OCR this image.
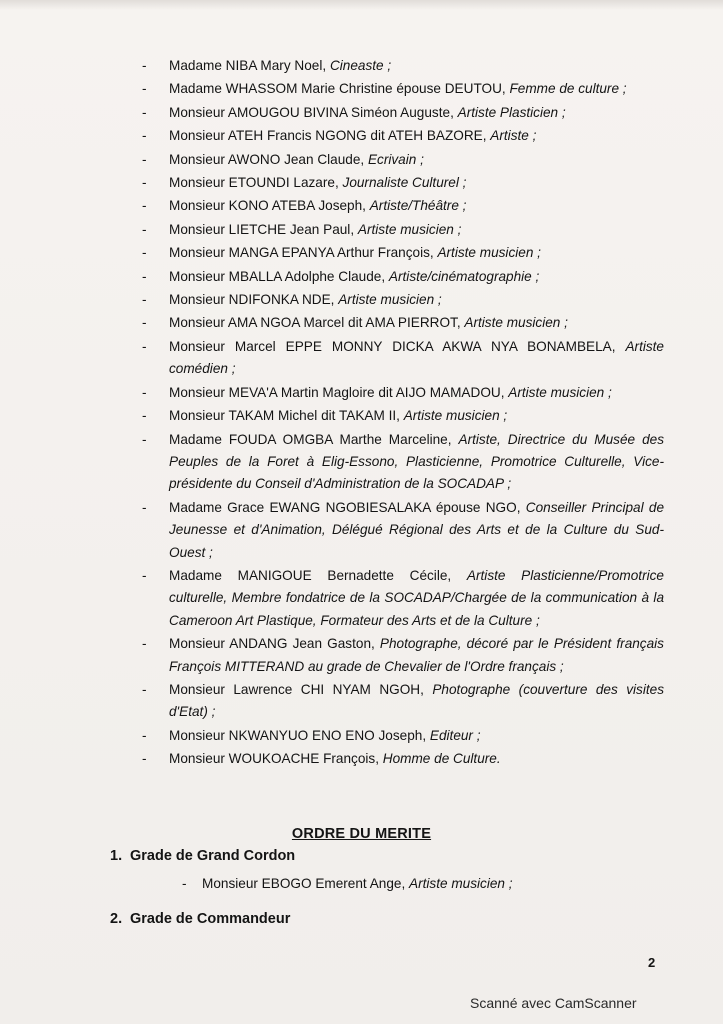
- Madame NIBA Mary Noel, Cineaste ;
- Madame WHASSOM Marie Christine épouse DEUTOU, Femme de culture ;
- Monsieur AMOUGOU BIVINA Siméon Auguste, Artiste Plasticien ;
- Monsieur ATEH Francis NGONG dit ATEH BAZORE, Artiste ;
- Monsieur AWONO Jean Claude, Ecrivain ;
- Monsieur ETOUNDI Lazare, Journaliste Culturel ;
- Monsieur KONO ATEBA Joseph, Artiste/Théâtre ;
- Monsieur LIETCHE Jean Paul, Artiste musicien ;
- Monsieur MANGA EPANYA Arthur François, Artiste musicien ;
- Monsieur MBALLA Adolphe Claude, Artiste/cinématographie ;
- Monsieur NDIFONKA NDE, Artiste musicien ;
- Monsieur AMA NGOA Marcel dit AMA PIERROT, Artiste musicien ;
- Monsieur Marcel EPPE MONNY DICKA AKWA NYA BONAMBELA, Artiste comédien ;
- Monsieur MEVA'A Martin Magloire dit AIJO MAMADOU, Artiste musicien ;
- Monsieur TAKAM Michel dit TAKAM II, Artiste musicien ;
- Madame FOUDA OMGBA Marthe Marceline, Artiste, Directrice du Musée des Peuples de la Foret à Elig-Essono, Plasticienne, Promotrice Culturelle, Vice-présidente du Conseil d'Administration de la SOCADAP ;
- Madame Grace EWANG NGOBIESALAKA épouse NGO, Conseiller Principal de Jeunesse et d'Animation, Délégué Régional des Arts et de la Culture du Sud-Ouest ;
- Madame MANIGOUE Bernadette Cécile, Artiste Plasticienne/Promotrice culturelle, Membre fondatrice de la SOCADAP/Chargée de la communication à la Cameroon Art Plastique, Formateur des Arts et de la Culture ;
- Monsieur ANDANG Jean Gaston, Photographe, décoré par le Président français François MITTERAND au grade de Chevalier de l'Ordre français ;
- Monsieur Lawrence CHI NYAM NGOH, Photographe (couverture des visites d'Etat) ;
- Monsieur NKWANYUO ENO ENO Joseph, Editeur ;
- Monsieur WOUKOACHE François, Homme de Culture.
ORDRE DU MERITE
1. Grade de Grand Cordon
- Monsieur EBOGO Emerent Ange, Artiste musicien ;
2. Grade de Commandeur
2
Scanné avec CamScanner
